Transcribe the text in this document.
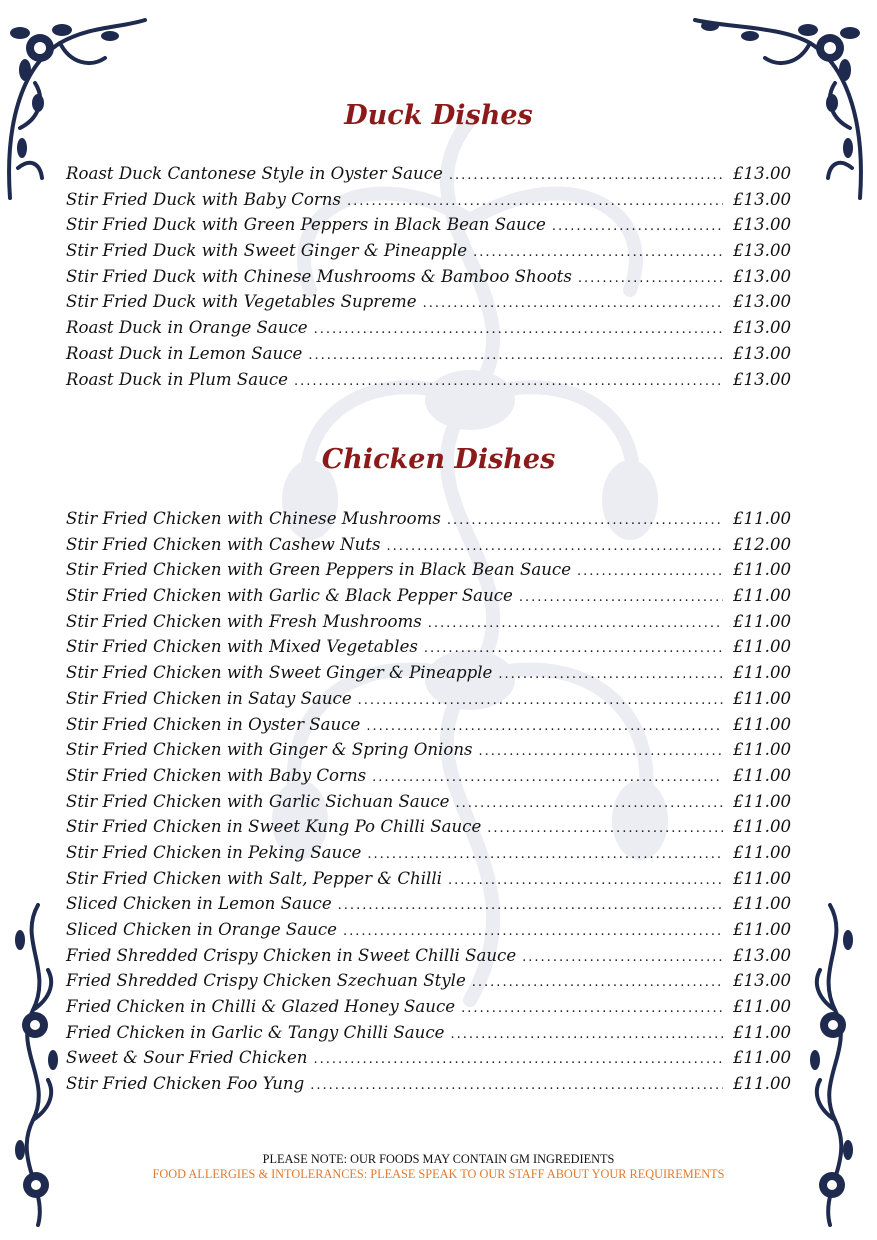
Duck Dishes
Roast Duck Cantonese Style in Oyster Sauce .....	£13.00
Stir Fried Duck with Baby Corns .....	£13.00
Stir Fried Duck with Green Peppers in Black Bean Sauce .....	£13.00
Stir Fried Duck with Sweet Ginger & Pineapple .....	£13.00
Stir Fried Duck with Chinese Mushrooms & Bamboo Shoots .....	£13.00
Stir Fried Duck with Vegetables Supreme .....	£13.00
Roast Duck in Orange Sauce .....	£13.00
Roast Duck in Lemon Sauce .....	£13.00
Roast Duck in Plum Sauce .....	£13.00
Chicken Dishes
Stir Fried Chicken with Chinese Mushrooms .....	£11.00
Stir Fried Chicken with Cashew Nuts .....	£12.00
Stir Fried Chicken with Green Peppers in Black Bean Sauce .....	£11.00
Stir Fried Chicken with Garlic & Black Pepper Sauce .....	£11.00
Stir Fried Chicken with Fresh Mushrooms .....	£11.00
Stir Fried Chicken with Mixed Vegetables .....	£11.00
Stir Fried Chicken with Sweet Ginger & Pineapple .....	£11.00
Stir Fried Chicken in Satay Sauce .....	£11.00
Stir Fried Chicken in Oyster Sauce .....	£11.00
Stir Fried Chicken with Ginger & Spring Onions .....	£11.00
Stir Fried Chicken with Baby Corns .....	£11.00
Stir Fried Chicken with Garlic Sichuan Sauce .....	£11.00
Stir Fried Chicken in Sweet Kung Po Chilli Sauce .....	£11.00
Stir Fried Chicken in Peking Sauce .....	£11.00
Stir Fried Chicken with Salt, Pepper & Chilli .....	£11.00
Sliced Chicken in Lemon Sauce .....	£11.00
Sliced Chicken in Orange Sauce .....	£11.00
Fried Shredded Crispy Chicken in Sweet Chilli Sauce .....	£13.00
Fried Shredded Crispy Chicken Szechuan Style .....	£13.00
Fried Chicken in Chilli & Glazed Honey Sauce .....	£11.00
Fried Chicken in Garlic & Tangy Chilli Sauce .....	£11.00
Sweet & Sour Fried Chicken .....	£11.00
Stir Fried Chicken Foo Yung .....	£11.00

PLEASE NOTE: OUR FOODS MAY CONTAIN GM INGREDIENTS

FOOD ALLERGIES & INTOLERANCES: PLEASE SPEAK TO OUR STAFF ABOUT YOUR REQUIREMENTS
